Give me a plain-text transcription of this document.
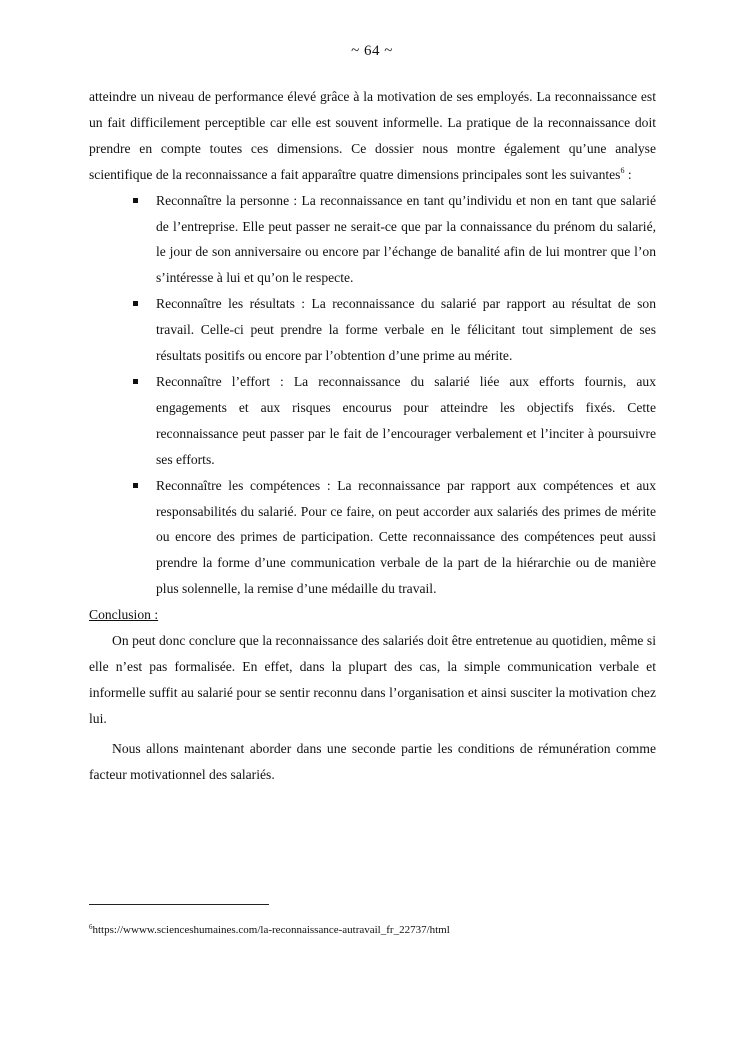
~ 64 ~

atteindre un niveau de performance élevé grâce à la motivation de ses employés. La reconnaissance est un fait difficilement perceptible car elle est souvent informelle. La pratique de la reconnaissance doit prendre en compte toutes ces dimensions. Ce dossier nous montre également qu’une analyse scientifique de la reconnaissance a fait apparaître quatre dimensions principales sont les suivantes$^6$ :

Reconnaître la personne : La reconnaissance en tant qu’individu et non en tant que salarié de l’entreprise. Elle peut passer ne serait-ce que par la connaissance du prénom du salarié, le jour de son anniversaire ou encore par l’échange de banalité afin de lui montrer que l’on s’intéresse à lui et qu’on le respecte.
Reconnaître les résultats : La reconnaissance du salarié par rapport au résultat de son travail. Celle-ci peut prendre la forme verbale en le félicitant tout simplement de ses résultats positifs ou encore par l’obtention d’une prime au mérite.
Reconnaître l’effort : La reconnaissance du salarié liée aux efforts fournis, aux engagements et aux risques encourus pour atteindre les objectifs fixés. Cette reconnaissance peut passer par le fait de l’encourager verbalement et l’inciter à poursuivre ses efforts.
Reconnaître les compétences : La reconnaissance par rapport aux compétences et aux responsabilités du salarié. Pour ce faire, on peut accorder aux salariés des primes de mérite ou encore des primes de participation. Cette reconnaissance des compétences peut aussi prendre la forme d’une communication verbale de la part de la hiérarchie ou de manière plus solennelle, la remise d’une médaille du travail.

Conclusion :

On peut donc conclure que la reconnaissance des salariés doit être entretenue au quotidien, même si elle n’est pas formalisée. En effet, dans la plupart des cas, la simple communication verbale et informelle suffit au salarié pour se sentir reconnu dans l’organisation et ainsi susciter la motivation chez lui.

Nous allons maintenant aborder dans une seconde partie les conditions de rémunération comme facteur motivationnel des salariés.

$^6$https://wwww.scienceshumaines.com/la-reconnaissance-autravail_fr_22737/html
